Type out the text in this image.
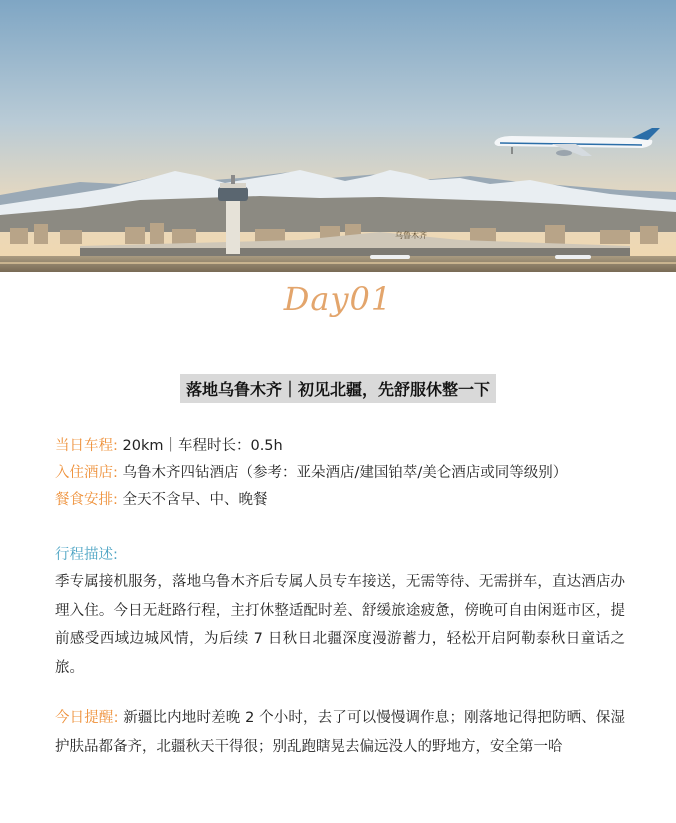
乌鲁木齐
Day01
落地乌鲁木齐｜初见北疆，先舒服休整一下
当日车程: 20km｜车程时长：0.5h
入住酒店: 乌鲁木齐四钻酒店（参考：亚朵酒店/建国铂萃/美仑酒店或同等级别）
餐食安排: 全天不含早、中、晚餐
行程描述:
季专属接机服务，落地乌鲁木齐后专属人员专车接送，无需等待、无需拼车，直达酒店办理入住。今日无赶路行程，主打休整适配时差、舒缓旅途疲惫，傍晚可自由闲逛市区，提前感受西域边城风情，为后续 7 日秋日北疆深度漫游蓄力，轻松开启阿勒泰秋日童话之旅。
今日提醒: 新疆比内地时差晚 2 个小时，去了可以慢慢调作息；刚落地记得把防晒、保湿护肤品都备齐，北疆秋天干得很；别乱跑瞎晃去偏远没人的野地方，安全第一哈
